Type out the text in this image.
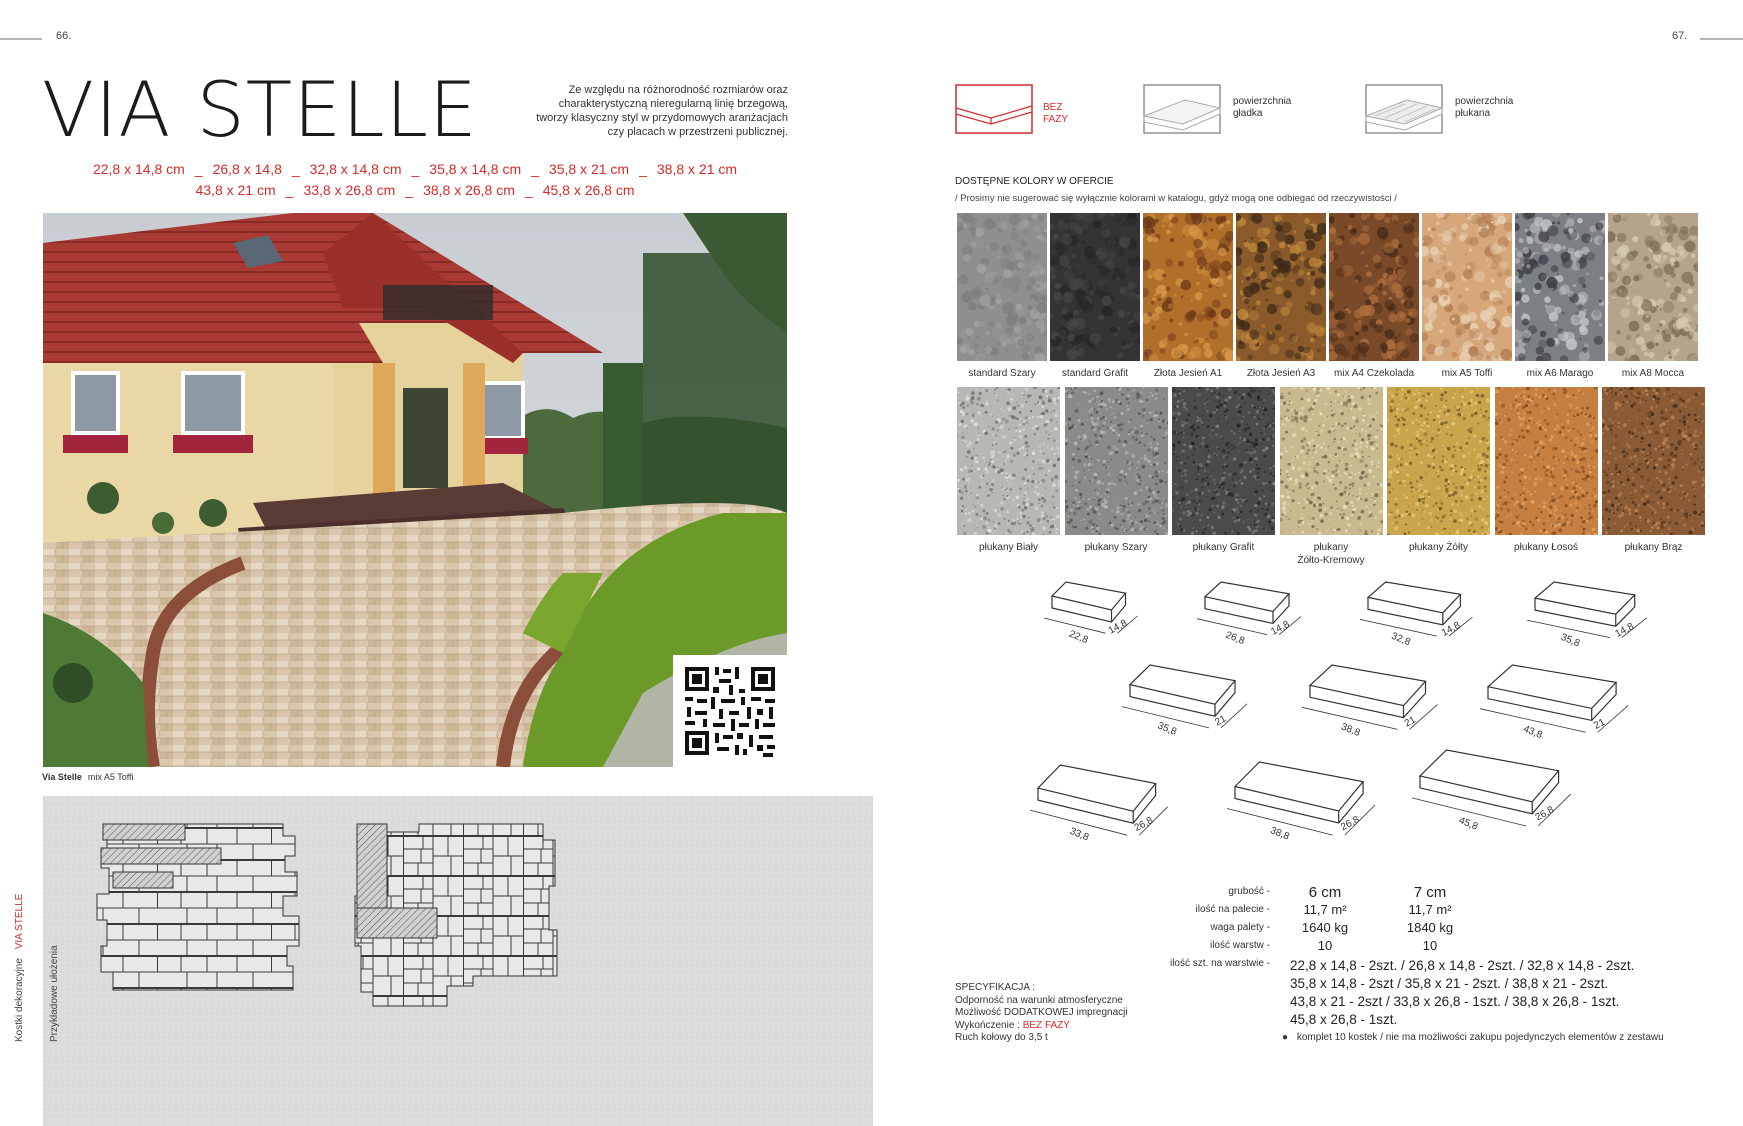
66.	67.
VIA STELLE	Ze względu na różnorodność rozmiarów oraz
charakterystyczną nieregularną linię brzegową,
tworzy klasyczny styl w przydomowych aranżacjach
czy placach w przestrzeni publicznej.
22,8 x 14,8 cm _ 26,8 x 14,8 _ 32,8 x 14,8 cm _ 35,8 x 14,8 cm _ 35,8 x 21 cm _ 38,8 x 21 cm
43,8 x 21 cm _ 33,8 x 26,8 cm _ 38,8 x 26,8 cm _ 45,8 x 26,8 cm
Via Stelle mix A5 Toffi
Kostki dekoracyjne VIA STELLE
Przykładowe ułożenia
BEZ FAZY
powierzchnia
gładka
powierzchnia
płukana
DOSTĘPNE KOLORY W OFERCIE
/ Prosimy nie sugerować się wyłącznie kolorami w katalogu, gdyż mogą one odbiegać od rzeczywistości /
standard Szary	standard Grafit	Złota Jesień A1	Złota Jesień A3	mix A4 Czekolada	mix A5 Toffi	mix A6 Marago	mix A8 Mocca
płukany Biały	płukany Szary	płukany Grafit	płukany
Żółto-Kremowy
płukany Żółty	płukany Łosoś	płukany Brąz
22,8
14,8
26,8
14,8
32,8
14,8
35,8
14,8
35,8	21
38,8	21
43,8	21
33,8
26,8	38,8
26,8	45,8
26,8
grubość -	6 cm	7 cm
ilość na palecie -	11,7 m²	11,7 m²
waga palety -	1640 kg	1840 kg
ilość warstw -	10	10
ilość szt. na warstwie - 22,8 x 14,8 - 2szt. / 26,8 x 14,8 - 2szt. / 32,8 x 14,8 - 2szt.
35,8 x 14,8 - 2szt / 35,8 x 21 - 2szt. / 38,8 x 21 - 2szt.
43,8 x 21 - 2szt / 33,8 x 26,8 - 1szt. / 38,8 x 26,8 - 1szt.
45,8 x 26,8 - 1szt.
SPECYFIKACJA :
Odporność na warunki atmosferyczne
Możliwość DODATKOWEJ impregnacji
Wykończenie : BEZ FAZY
Ruch kołowy do 3,5 t	● komplet 10 kostek / nie ma możliwości zakupu pojedynczych elementów z zestawu
